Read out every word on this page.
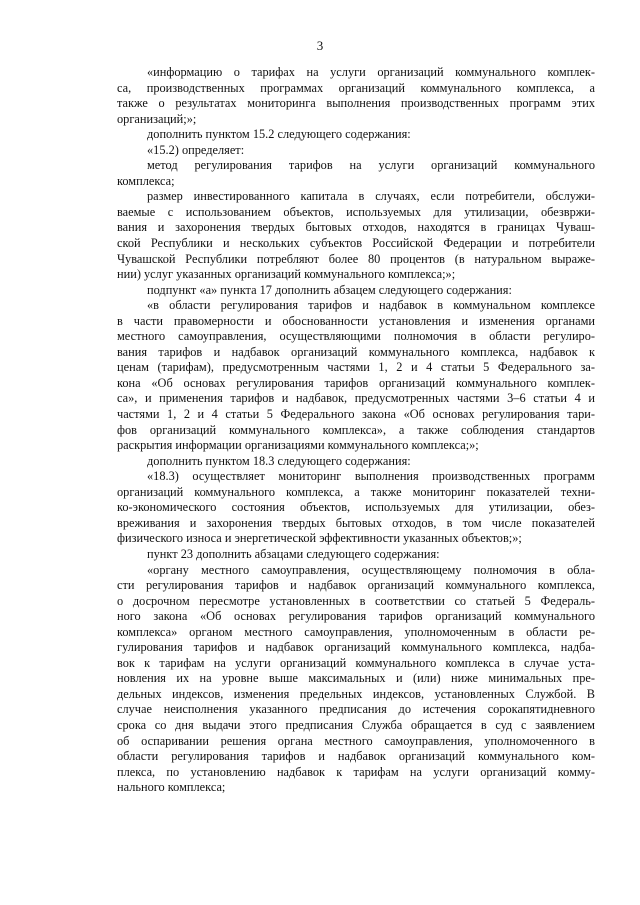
3
«информацию о тарифах на услуги организаций коммунального комплек-
са, производственных программах организаций коммунального комплекса, а
также о результатах мониторинга выполнения производственных программ этих
организаций;»;
дополнить пунктом 15.2 следующего содержания:
«15.2) определяет:
метод регулирования тарифов на услуги организаций коммунального
комплекса;
размер инвестированного капитала в случаях, если потребители, обслужи-
ваемые с использованием объектов, используемых для утилизации, обезвржи-
вания и захоронения твердых бытовых отходов, находятся в границах Чуваш-
ской Республики и нескольких субъектов Российской Федерации и потребители
Чувашской Республики потребляют более 80 процентов (в натуральном выраже-
нии) услуг указанных организаций коммунального комплекса;»;
подпункт «а» пункта 17 дополнить абзацем следующего содержания:
«в области регулирования тарифов и надбавок в коммунальном комплексе
в части правомерности и обоснованности установления и изменения органами
местного самоуправления, осуществляющими полномочия в области регулиро-
вания тарифов и надбавок организаций коммунального комплекса, надбавок к
ценам (тарифам), предусмотренным частями 1, 2 и 4 статьи 5 Федерального за-
кона «Об основах регулирования тарифов организаций коммунального комплек-
са», и применения тарифов и надбавок, предусмотренных частями 3–6 статьи 4 и
частями 1, 2 и 4 статьи 5 Федерального закона «Об основах регулирования тари-
фов организаций коммунального комплекса», а также соблюдения стандартов
раскрытия информации организациями коммунального комплекса;»;
дополнить пунктом 18.3 следующего содержания:
«18.3) осуществляет мониторинг выполнения производственных программ
организаций коммунального комплекса, а также мониторинг показателей техни-
ко-экономического состояния объектов, используемых для утилизации, обез-
вреживания и захоронения твердых бытовых отходов, в том числе показателей
физического износа и энергетической эффективности указанных объектов;»;
пункт 23 дополнить абзацами следующего содержания:
«органу местного самоуправления, осуществляющему полномочия в обла-
сти регулирования тарифов и надбавок организаций коммунального комплекса,
о досрочном пересмотре установленных в соответствии со статьей 5 Федераль-
ного закона «Об основах регулирования тарифов организаций коммунального
комплекса» органом местного самоуправления, уполномоченным в области ре-
гулирования тарифов и надбавок организаций коммунального комплекса, надба-
вок к тарифам на услуги организаций коммунального комплекса в случае уста-
новления их на уровне выше максимальных и (или) ниже минимальных пре-
дельных индексов, изменения предельных индексов, установленных Службой. В
случае неисполнения указанного предписания до истечения сорокапятидневного
срока со дня выдачи этого предписания Служба обращается в суд с заявлением
об оспаривании решения органа местного самоуправления, уполномоченного в
области регулирования тарифов и надбавок организаций коммунального ком-
плекса, по установлению надбавок к тарифам на услуги организаций комму-
нального комплекса;
